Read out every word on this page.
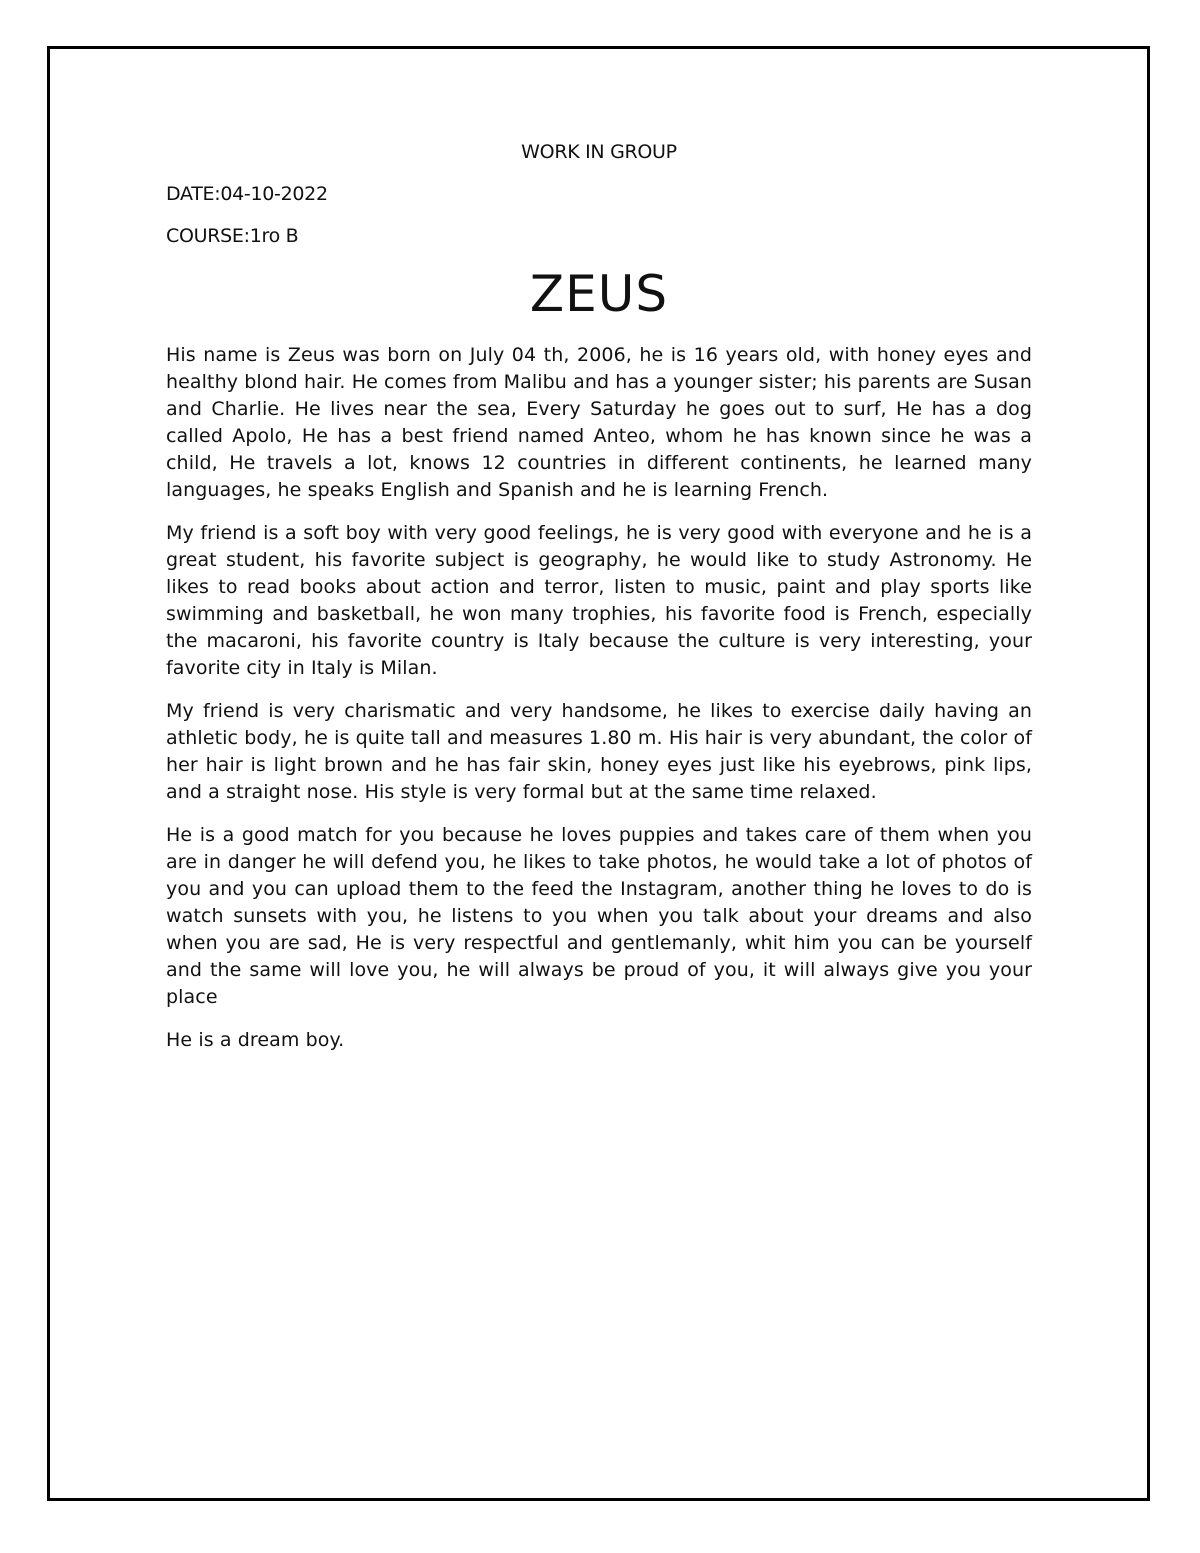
WORK IN GROUP

DATE:04-10-2022

COURSE:1ro B

ZEUS

His name is Zeus was born on July 04 th, 2006, he is 16 years old, with honey eyes and healthy blond hair. He comes from Malibu and has a younger sister; his parents are Susan and Charlie. He lives near the sea, Every Saturday he goes out to surf, He has a dog called Apolo, He has a best friend named Anteo, whom he has known since he was a child, He travels a lot, knows 12 countries in different continents, he learned many languages, he speaks English and Spanish and he is learning French.

My friend is a soft boy with very good feelings, he is very good with everyone and he is a great student, his favorite subject is geography, he would like to study Astronomy. He likes to read books about action and terror, listen to music, paint and play sports like swimming and basketball, he won many trophies, his favorite food is French, especially the macaroni, his favorite country is Italy because the culture is very interesting, your favorite city in Italy is Milan.

My friend is very charismatic and very handsome, he likes to exercise daily having an athletic body, he is quite tall and measures 1.80 m. His hair is very abundant, the color of her hair is light brown and he has fair skin, honey eyes just like his eyebrows, pink lips, and a straight nose. His style is very formal but at the same time relaxed.

He is a good match for you because he loves puppies and takes care of them when you are in danger he will defend you, he likes to take photos, he would take a lot of photos of you and you can upload them to the feed the Instagram, another thing he loves to do is watch sunsets with you, he listens to you when you talk about your dreams and also when you are sad, He is very respectful and gentlemanly, whit him you can be yourself and the same will love you, he will always be proud of you, it will always give you your place

He is a dream boy.
